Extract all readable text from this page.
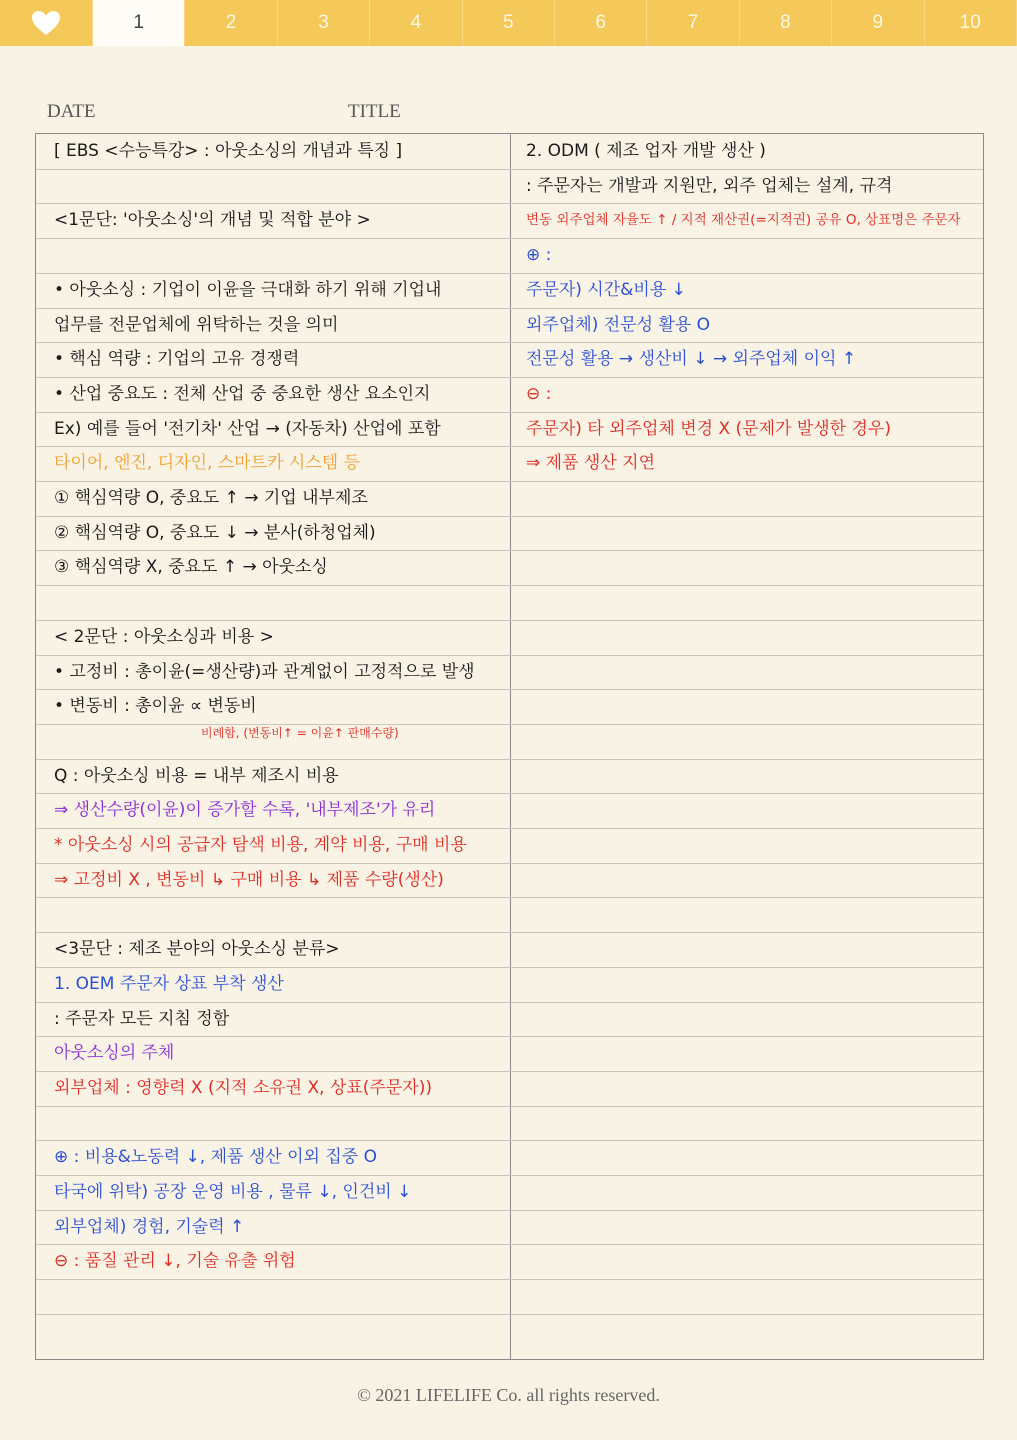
1	2	3	4	5	6	7	8	9	10
DATE	TITLE
[ EBS <수능특강> : 아웃소싱의 개념과 특징 ]
<1문단: '아웃소싱'의 개념 및 적합 분야 >
• 아웃소싱 : 기업이 이윤을 극대화 하기 위해 기업내
업무를 전문업체에 위탁하는 것을 의미
• 핵심 역량 : 기업의 고유 경쟁력
• 산업 중요도 : 전체 산업 중 중요한 생산 요소인지
Ex) 예를 들어 '전기차' 산업 → (자동차) 산업에 포함
타이어, 엔진, 디자인, 스마트카 시스템 등
① 핵심역량 O, 중요도 ↑ → 기업 내부제조
② 핵심역량 O, 중요도 ↓ → 분사(하청업체)
③ 핵심역량 X, 중요도 ↑ → 아웃소싱
< 2문단 : 아웃소싱과 비용 >
• 고정비 : 총이윤(=생산량)과 관계없이 고정적으로 발생
• 변동비 : 총이윤 ∝ 변동비
Q : 아웃소싱 비용 = 내부 제조시 비용
⇒ 생산수량(이윤)이 증가할 수록, '내부제조'가 유리
* 아웃소싱 시의 공급자 탐색 비용, 계약 비용, 구매 비용
⇒ 고정비 X , 변동비 ↳ 구매 비용 ↳ 제품 수량(생산)
<3문단 : 제조 분야의 아웃소싱 분류>
1. OEM 주문자 상표 부착 생산
: 주문자 모든 지침 정함
아웃소싱의 주체
외부업체 : 영향력 X (지적 소유권 X, 상표(주문자))
⊕ : 비용&노동력 ↓, 제품 생산 이외 집중 O
타국에 위탁) 공장 운영 비용 , 물류 ↓, 인건비 ↓
외부업체) 경험, 기술력 ↑
⊖ : 품질 관리 ↓, 기술 유출 위험
2. ODM ( 제조 업자 개발 생산 )
: 주문자는 개발과 지원만, 외주 업체는 설계, 규격
변동 외주업체 자율도 ↑ / 지적 재산권(=지적권) 공유 O, 상표명은 주문자
⊕ :
주문자) 시간&비용 ↓
외주업체) 전문성 활용 O
전문성 활용 → 생산비 ↓ → 외주업체 이익 ↑
⊖ :
주문자) 타 외주업체 변경 X (문제가 발생한 경우)
⇒ 제품 생산 지연
비례함, (변동비↑ = 이윤↑ 판매수량)
© 2021 LIFELIFE Co. all rights reserved.
